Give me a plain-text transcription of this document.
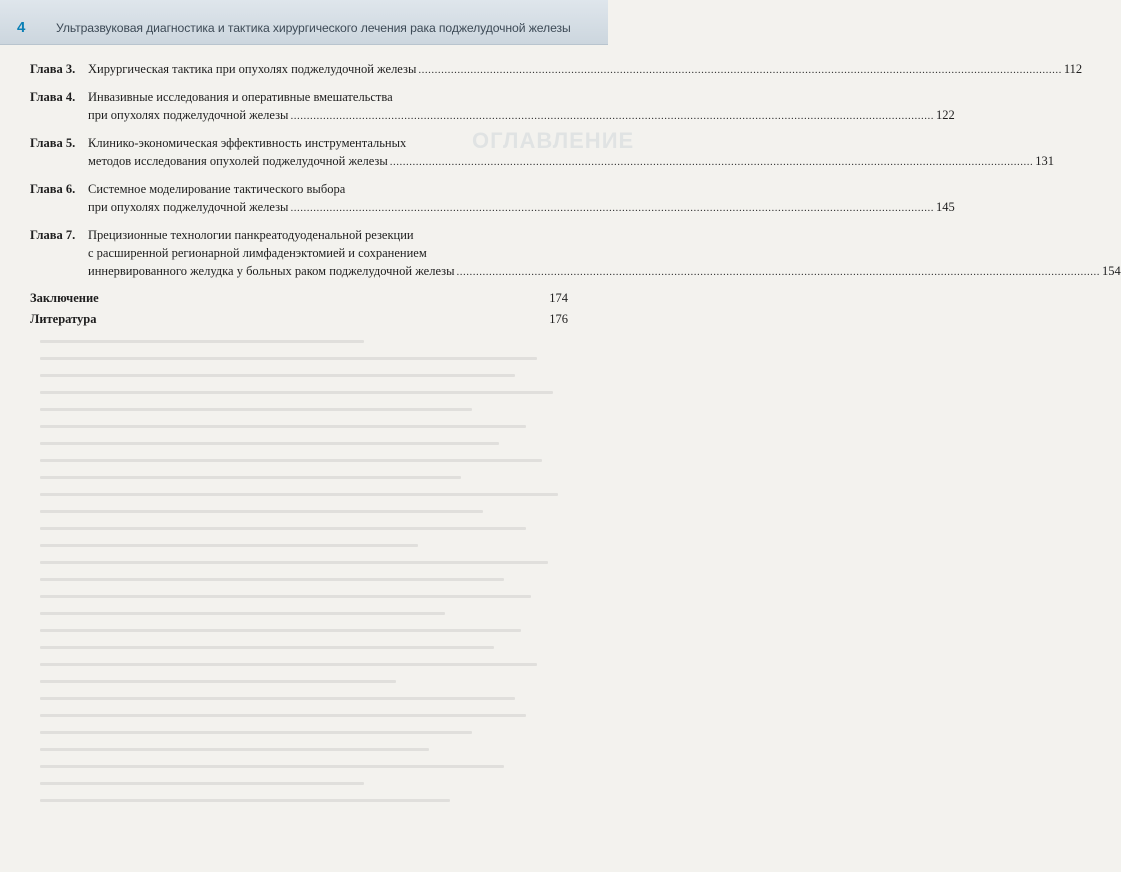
4	Ультразвуковая диагностика и тактика хирургического лечения рака поджелудочной железы
ОГЛАВЛЕНИЕ
Глава 3. Хирургическая тактика при опухолях поджелудочной железы .....	112
Глава 4. Инвазивные исследования и оперативные вмешательства
при опухолях поджелудочной железы .....	122
Глава 5. Клинико-экономическая эффективность инструментальных
методов исследования опухолей поджелудочной железы .....	131
Глава 6. Системное моделирование тактического выбора
при опухолях поджелудочной железы .....	145
Глава 7. Прецизионные технологии панкреатодуоденальной резекции
с расширенной регионарной лимфаденэктомией и сохранением
иннервированного желудка у больных раком поджелудочной железы .....	154
Заключение	174
Литература	176
